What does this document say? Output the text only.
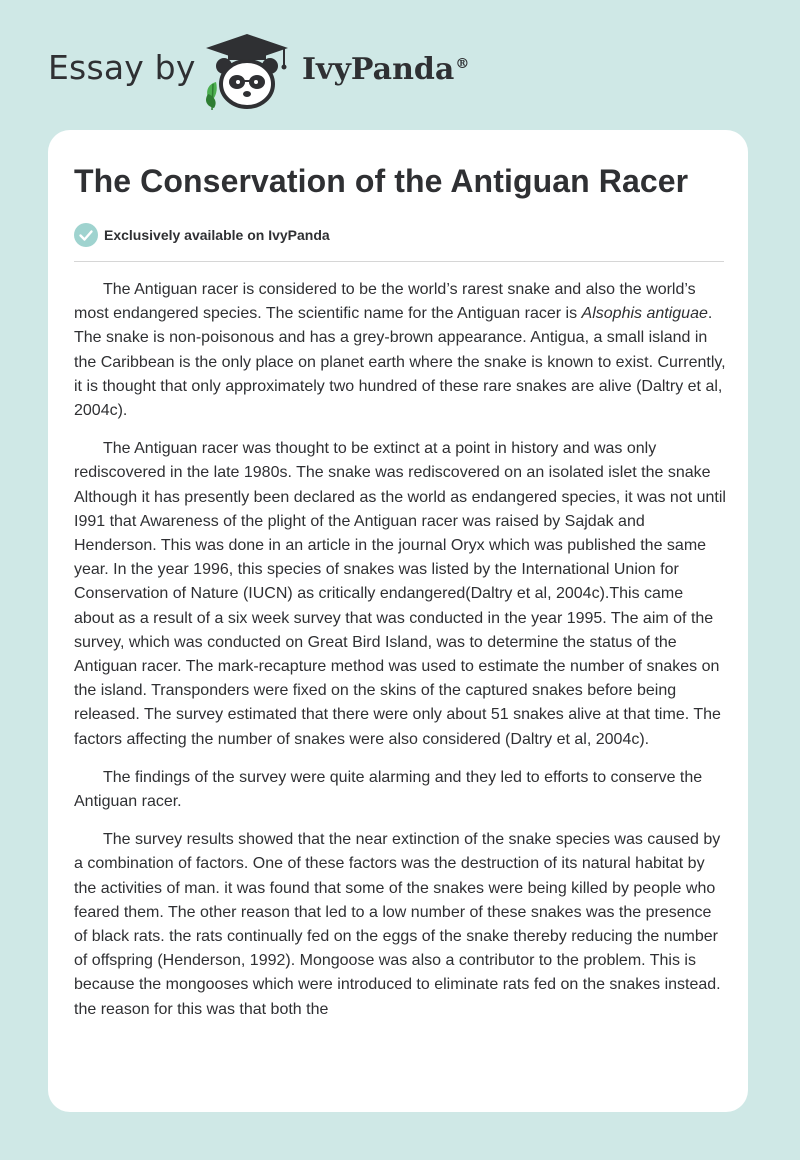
Essay by	IvyPanda®
The Conservation of the Antiguan Racer
Exclusively available on IvyPanda

The Antiguan racer is considered to be the world’s rarest snake and also the world’s most endangered species. The scientific name for the Antiguan racer is Alsophis antiguae. The snake is non-poisonous and has a grey-brown appearance. Antigua, a small island in the Caribbean is the only place on planet earth where the snake is known to exist. Currently, it is thought that only approximately two hundred of these rare snakes are alive (Daltry et al, 2004c).

The Antiguan racer was thought to be extinct at a point in history and was only rediscovered in the late 1980s. The snake was rediscovered on an isolated islet the snake Although it has presently been declared as the world as endangered species, it was not until I991 that Awareness of the plight of the Antiguan racer was raised by Sajdak and Henderson. This was done in an article in the journal Oryx which was published the same year. In the year 1996, this species of snakes was listed by the International Union for Conservation of Nature (IUCN) as critically endangered(Daltry et al, 2004c).This came about as a result of a six week survey that was conducted in the year 1995. The aim of the survey, which was conducted on Great Bird Island, was to determine the status of the Antiguan racer. The mark-recapture method was used to estimate the number of snakes on the island. Transponders were fixed on the skins of the captured snakes before being released. The survey estimated that there were only about 51 snakes alive at that time. The factors affecting the number of snakes were also considered (Daltry et al, 2004c).

The findings of the survey were quite alarming and they led to efforts to conserve the Antiguan racer.

The survey results showed that the near extinction of the snake species was caused by a combination of factors. One of these factors was the destruction of its natural habitat by the activities of man. it was found that some of the snakes were being killed by people who feared them. The other reason that led to a low number of these snakes was the presence of black rats. the rats continually fed on the eggs of the snake thereby reducing the number of offspring (Henderson, 1992). Mongoose was also a contributor to the problem. This is because the mongooses which were introduced to eliminate rats fed on the snakes instead. the reason for this was that both the
